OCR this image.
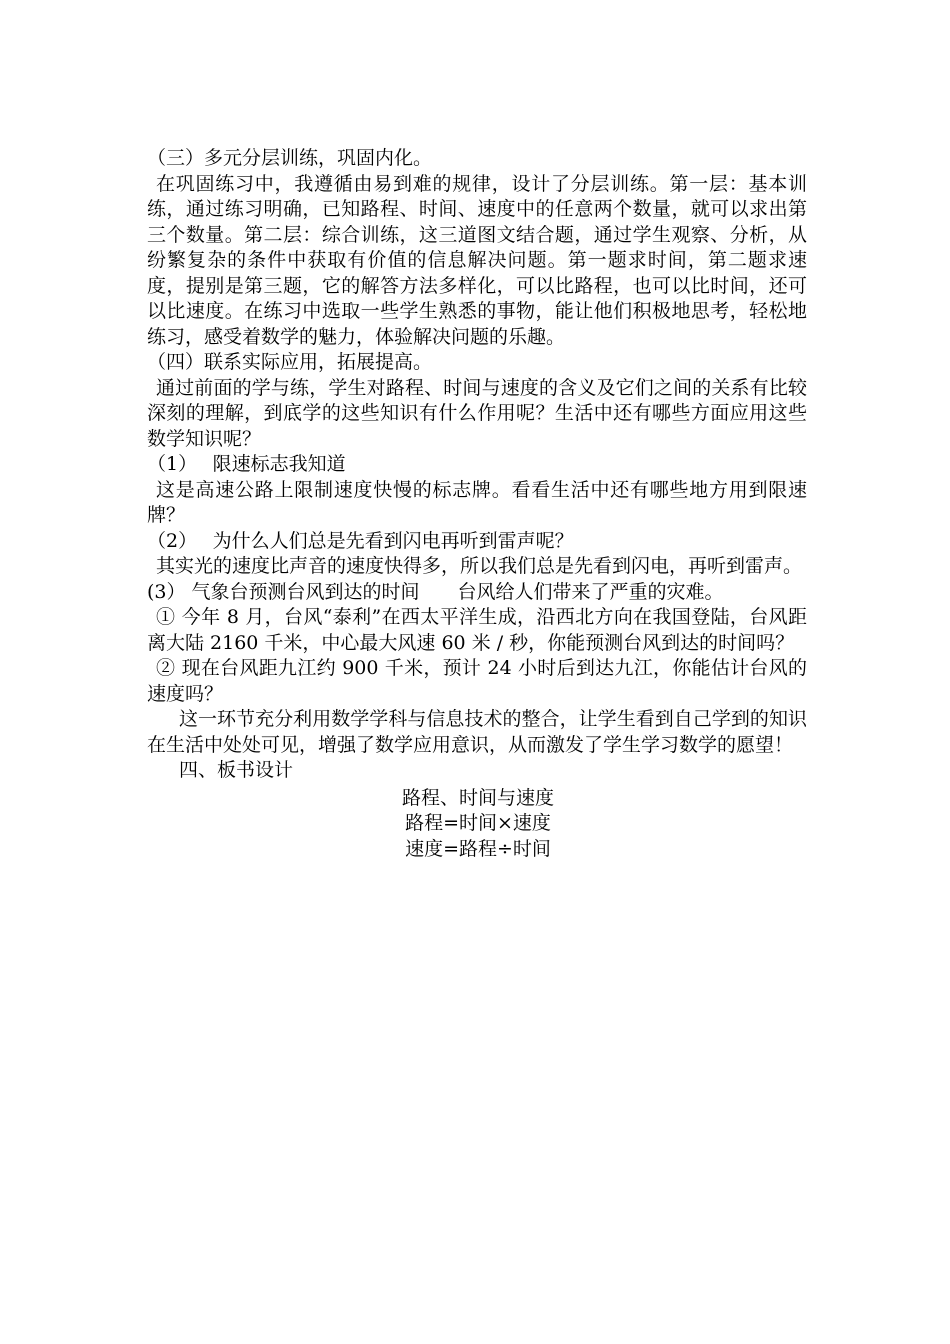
（三）多元分层训练，巩固内化。

在巩固练习中，我遵循由易到难的规律，设计了分层训练。第一层：基本训练，通过练习明确，已知路程、时间、速度中的任意两个数量，就可以求出第三个数量。第二层：综合训练，这三道图文结合题，通过学生观察、分析，从纷繁复杂的条件中获取有价值的信息解决问题。第一题求时间，第二题求速度，提别是第三题，它的解答方法多样化，可以比路程，也可以比时间，还可以比速度。在练习中选取一些学生熟悉的事物，能让他们积极地思考，轻松地练习，感受着数学的魅力，体验解决问题的乐趣。

（四）联系实际应用，拓展提高。

通过前面的学与练，学生对路程、时间与速度的含义及它们之间的关系有比较深刻的理解，到底学的这些知识有什么作用呢？生活中还有哪些方面应用这些数学知识呢？

（1）　 限速标志我知道

这是高速公路上限制速度快慢的标志牌。看看生活中还有哪些地方用到限速牌？

（2）　 为什么人们总是先看到闪电再听到雷声呢？

其实光的速度比声音的速度快得多，所以我们总是先看到闪电，再听到雷声。

(3） 气象台预测台风到达的时间　　台风给人们带来了严重的灾难。

① 今年 8 月，台风“泰利”在西太平洋生成，沿西北方向在我国登陆，台风距离大陆 2160 千米，中心最大风速 60 米 / 秒，你能预测台风到达的时间吗？

② 现在台风距九江约 900 千米，预计 24 小时后到达九江，你能估计台风的速度吗？

这一环节充分利用数学学科与信息技术的整合，让学生看到自己学到的知识在生活中处处可见，增强了数学应用意识，从而激发了学生学习数学的愿望！

四、板书设计

路程、时间与速度
路程=时间×速度
速度=路程÷时间
